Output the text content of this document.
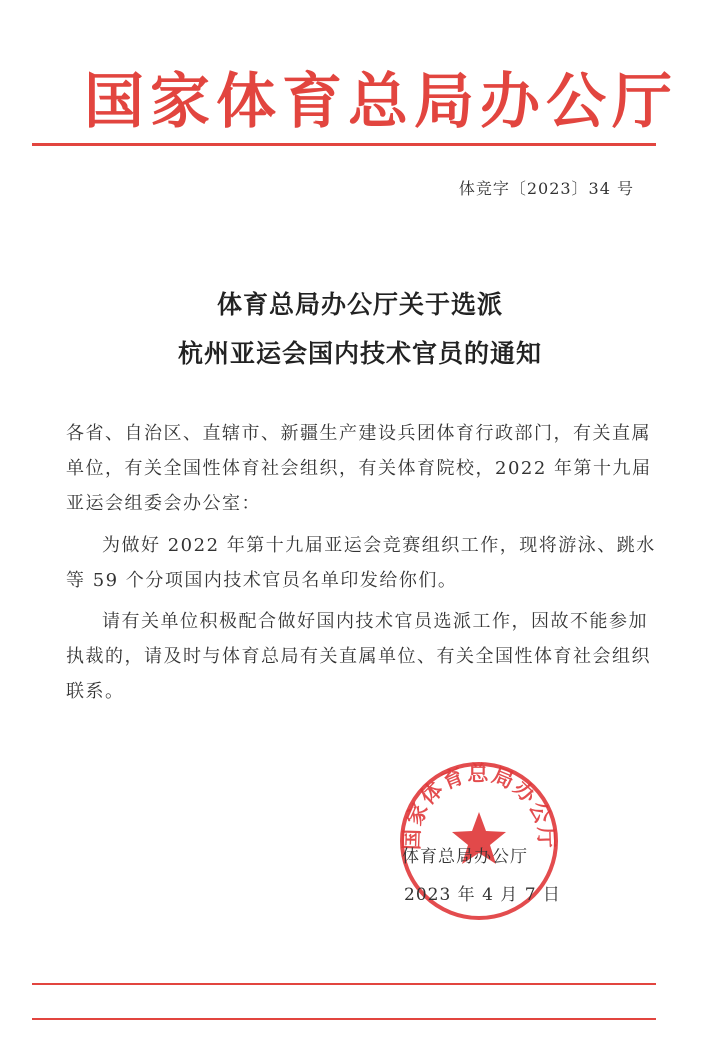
国家体育总局办公厅
体竞字〔2023〕34 号
体育总局办公厅关于选派
杭州亚运会国内技术官员的通知
各省、自治区、直辖市、新疆生产建设兵团体育行政部门，有关直属单位，有关全国性体育社会组织，有关体育院校，2022 年第十九届亚运会组委会办公室：
为做好 2022 年第十九届亚运会竞赛组织工作，现将游泳、跳水等 59 个分项国内技术官员名单印发给你们。
请有关单位积极配合做好国内技术官员选派工作，因故不能参加执裁的，请及时与体育总局有关直属单位、有关全国性体育社会组织联系。
国家体育总局办公厅
体育总局办公厅
2023 年 4 月 7 日
